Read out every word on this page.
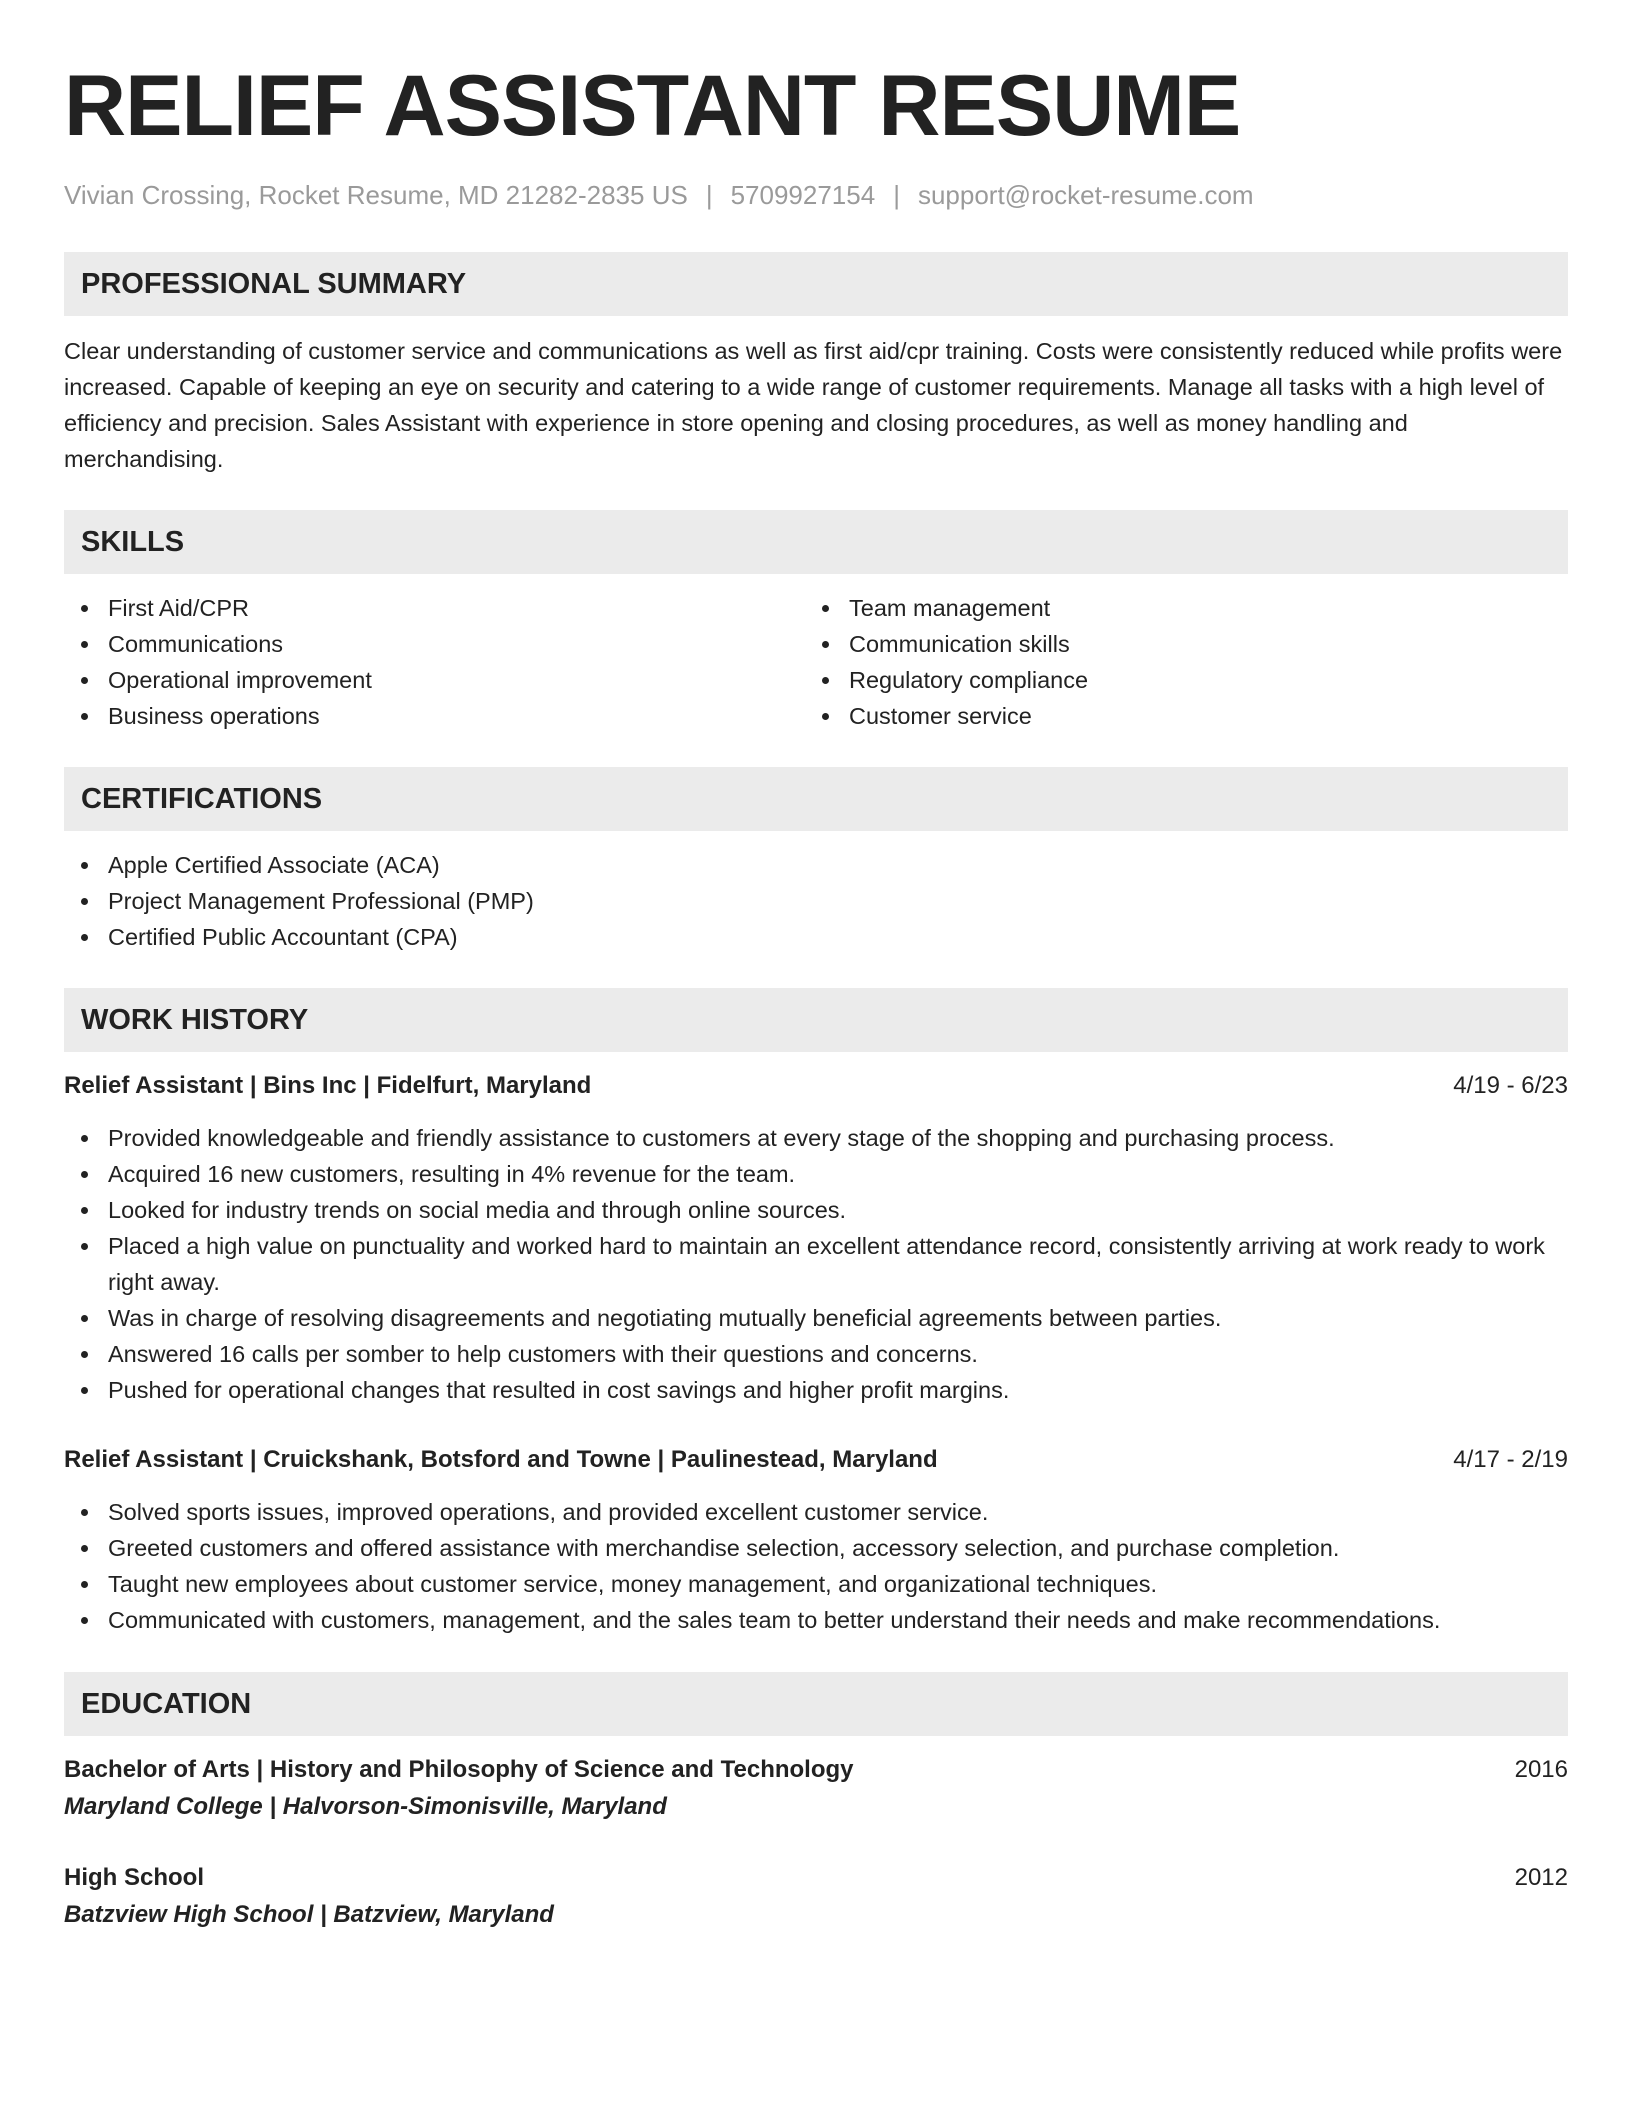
RELIEF ASSISTANT RESUME
Vivian Crossing, Rocket Resume, MD 21282-2835 US | 5709927154 | support@rocket-resume.com
PROFESSIONAL SUMMARY

Clear understanding of customer service and communications as well as first aid/cpr training. Costs were consistently reduced while profits were increased. Capable of keeping an eye on security and catering to a wide range of customer requirements. Manage all tasks with a high level of efficiency and precision. Sales Assistant with experience in store opening and closing procedures, as well as money handling and merchandising.

SKILLS
First Aid/CPR
Communications
Operational improvement
Business operations
Team management
Communication skills
Regulatory compliance
Customer service
CERTIFICATIONS
Apple Certified Associate (ACA)
Project Management Professional (PMP)
Certified Public Accountant (CPA)
WORK HISTORY
Relief Assistant | Bins Inc | Fidelfurt, Maryland	4/19 - 6/23
Provided knowledgeable and friendly assistance to customers at every stage of the shopping and purchasing process.
Acquired 16 new customers, resulting in 4% revenue for the team.
Looked for industry trends on social media and through online sources.
Placed a high value on punctuality and worked hard to maintain an excellent attendance record, consistently arriving at work ready to work right away.
Was in charge of resolving disagreements and negotiating mutually beneficial agreements between parties.
Answered 16 calls per somber to help customers with their questions and concerns.
Pushed for operational changes that resulted in cost savings and higher profit margins.
Relief Assistant | Cruickshank, Botsford and Towne | Paulinestead, Maryland	4/17 - 2/19
Solved sports issues, improved operations, and provided excellent customer service.
Greeted customers and offered assistance with merchandise selection, accessory selection, and purchase completion.
Taught new employees about customer service, money management, and organizational techniques.
Communicated with customers, management, and the sales team to better understand their needs and make recommendations.
EDUCATION
Bachelor of Arts | History and Philosophy of Science and Technology	2016
Maryland College | Halvorson-Simonisville, Maryland
High School	2012
Batzview High School | Batzview, Maryland
